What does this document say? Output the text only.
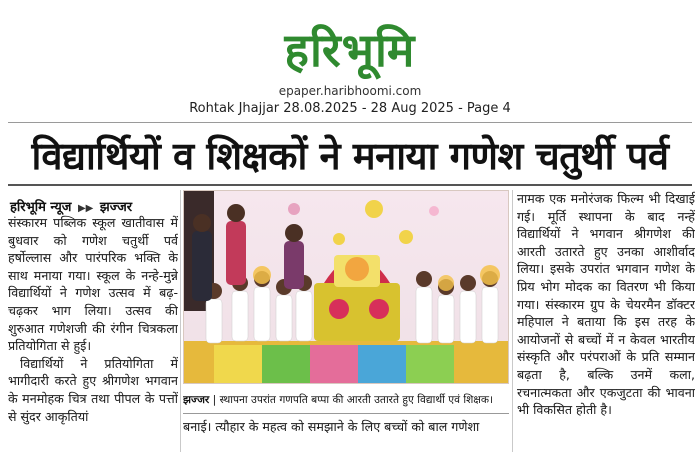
हरिभूमि
epaper.haribhoomi.com
Rohtak Jhajjar 28.08.2025 - 28 Aug 2025 - Page 4
विद्यार्थियों व शिक्षकों ने मनाया गणेश चतुर्थी पर्व
हरिभूमि न्यूज ▶▶ झज्जर

संस्कारम पब्लिक स्कूल खातीवास में बुधवार को गणेश चतुर्थी पर्व हर्षोल्लास और पारंपरिक भक्ति के साथ मनाया गया। स्कूल के नन्हे-मुन्ने विद्यार्थियों ने गणेश उत्सव में बढ़-चढ़कर भाग लिया। उत्सव की शुरुआत गणेशजी की रंगीन चित्रकला प्रतियोगिता से हुई।

विद्यार्थियों ने प्रतियोगिता में भागीदारी करते हुए श्रीगणेश भगवान के मनमोहक चित्र तथा पीपल के पत्तों से सुंदर आकृतियां

झज्जर | स्थापना उपरांत गणपति बप्पा की आरती उतारते हुए विद्यार्थी एवं शिक्षक।
बनाई। त्यौहार के महत्व को समझाने के लिए बच्चों को बाल गणेशा

नामक एक मनोरंजक फिल्म भी दिखाई गई। मूर्ति स्थापना के बाद नन्हें विद्यार्थियों ने भगवान श्रीगणेश की आरती उतारते हुए उनका आशीर्वाद लिया। इसके उपरांत भगवान गणेश के प्रिय भोग मोदक का वितरण भी किया गया। संस्कारम ग्रुप के चेयरमैन डॉक्टर महिपाल ने बताया कि इस तरह के आयोजनों से बच्चों में न केवल भारतीय संस्कृति और परंपराओं के प्रति सम्मान बढ़ता है, बल्कि उनमें कला, रचनात्मकता और एकजुटता की भावना भी विकसित होती है।
